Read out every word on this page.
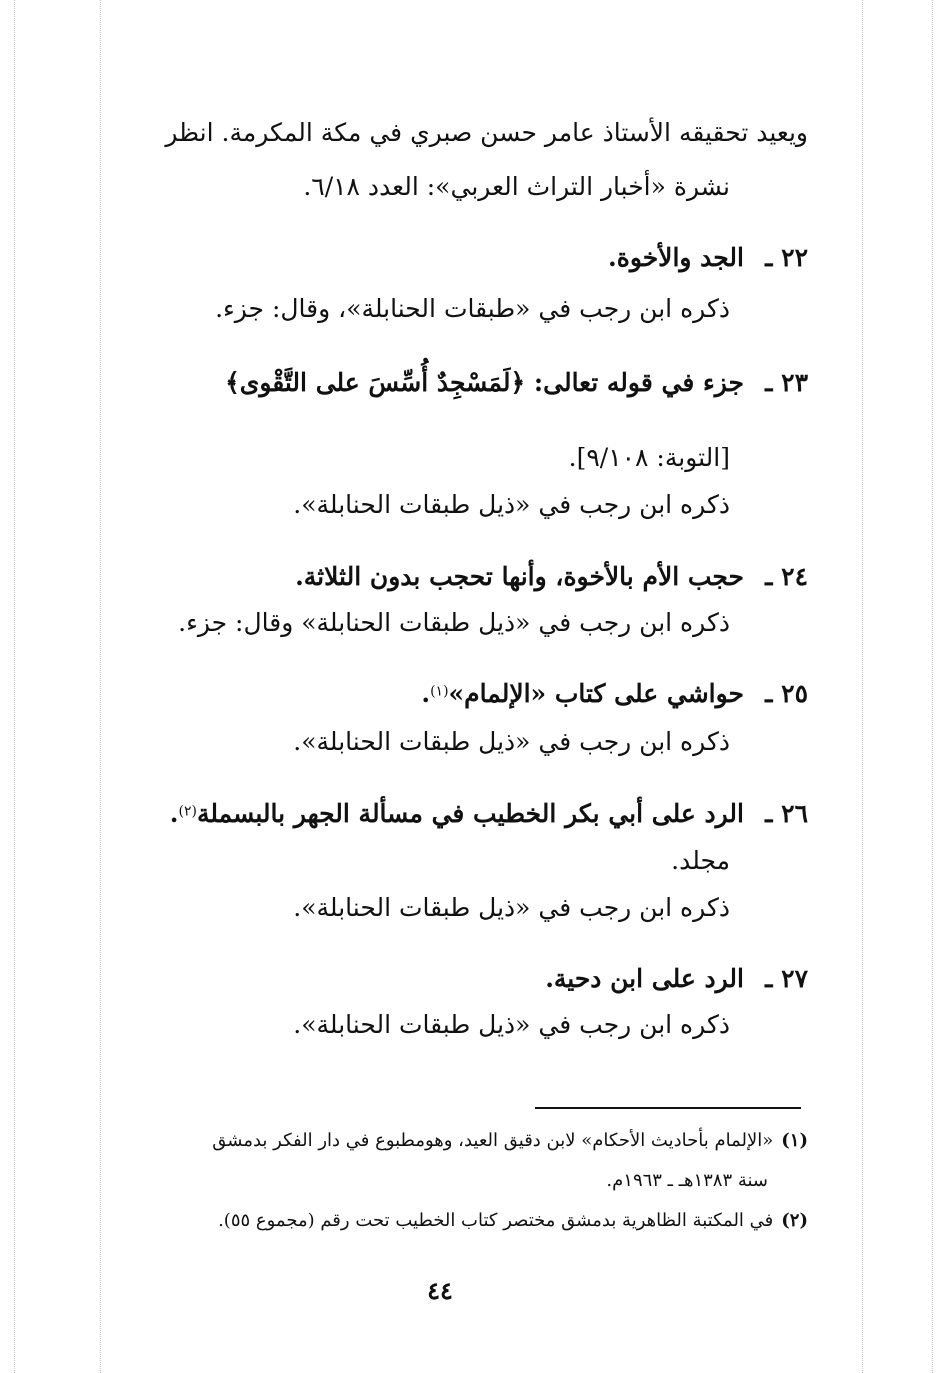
ويعيد تحقيقه الأستاذ عامر حسن صبري في مكة المكرمة. انظر
نشرة «أخبار التراث العربي»: العدد ٦/١٨.
٢٢ ـالجد والأخوة.
ذكره ابن رجب في «طبقات الحنابلة»، وقال: جزء.
٢٣ ـجزء في قوله تعالى: ﴿لَمَسْجِدٌ أُسِّسَ على التَّقْوى﴾
[التوبة: ٩/١٠٨].
ذكره ابن رجب في «ذيل طبقات الحنابلة».
٢٤ ـحجب الأم بالأخوة، وأنها تحجب بدون الثلاثة.
ذكره ابن رجب في «ذيل طبقات الحنابلة» وقال: جزء.
٢٥ ـحواشي على كتاب «الإلمام»$^{(١)}$.
ذكره ابن رجب في «ذيل طبقات الحنابلة».
٢٦ ـالرد على أبي بكر الخطيب في مسألة الجهر بالبسملة$^{(٢)}$.
مجلد.
ذكره ابن رجب في «ذيل طبقات الحنابلة».
٢٧ ـالرد على ابن دحية.
ذكره ابن رجب في «ذيل طبقات الحنابلة».
(١)«الإلمام بأحاديث الأحكام» لابن دقيق العيد، وهومطبوع في دار الفكر بدمشق
سنة ١٣٨٣هـ ـ ١٩٦٣م.
(٢)في المكتبة الظاهرية بدمشق مختصر كتاب الخطيب تحت رقم (مجموع ٥٥).
٤٤
